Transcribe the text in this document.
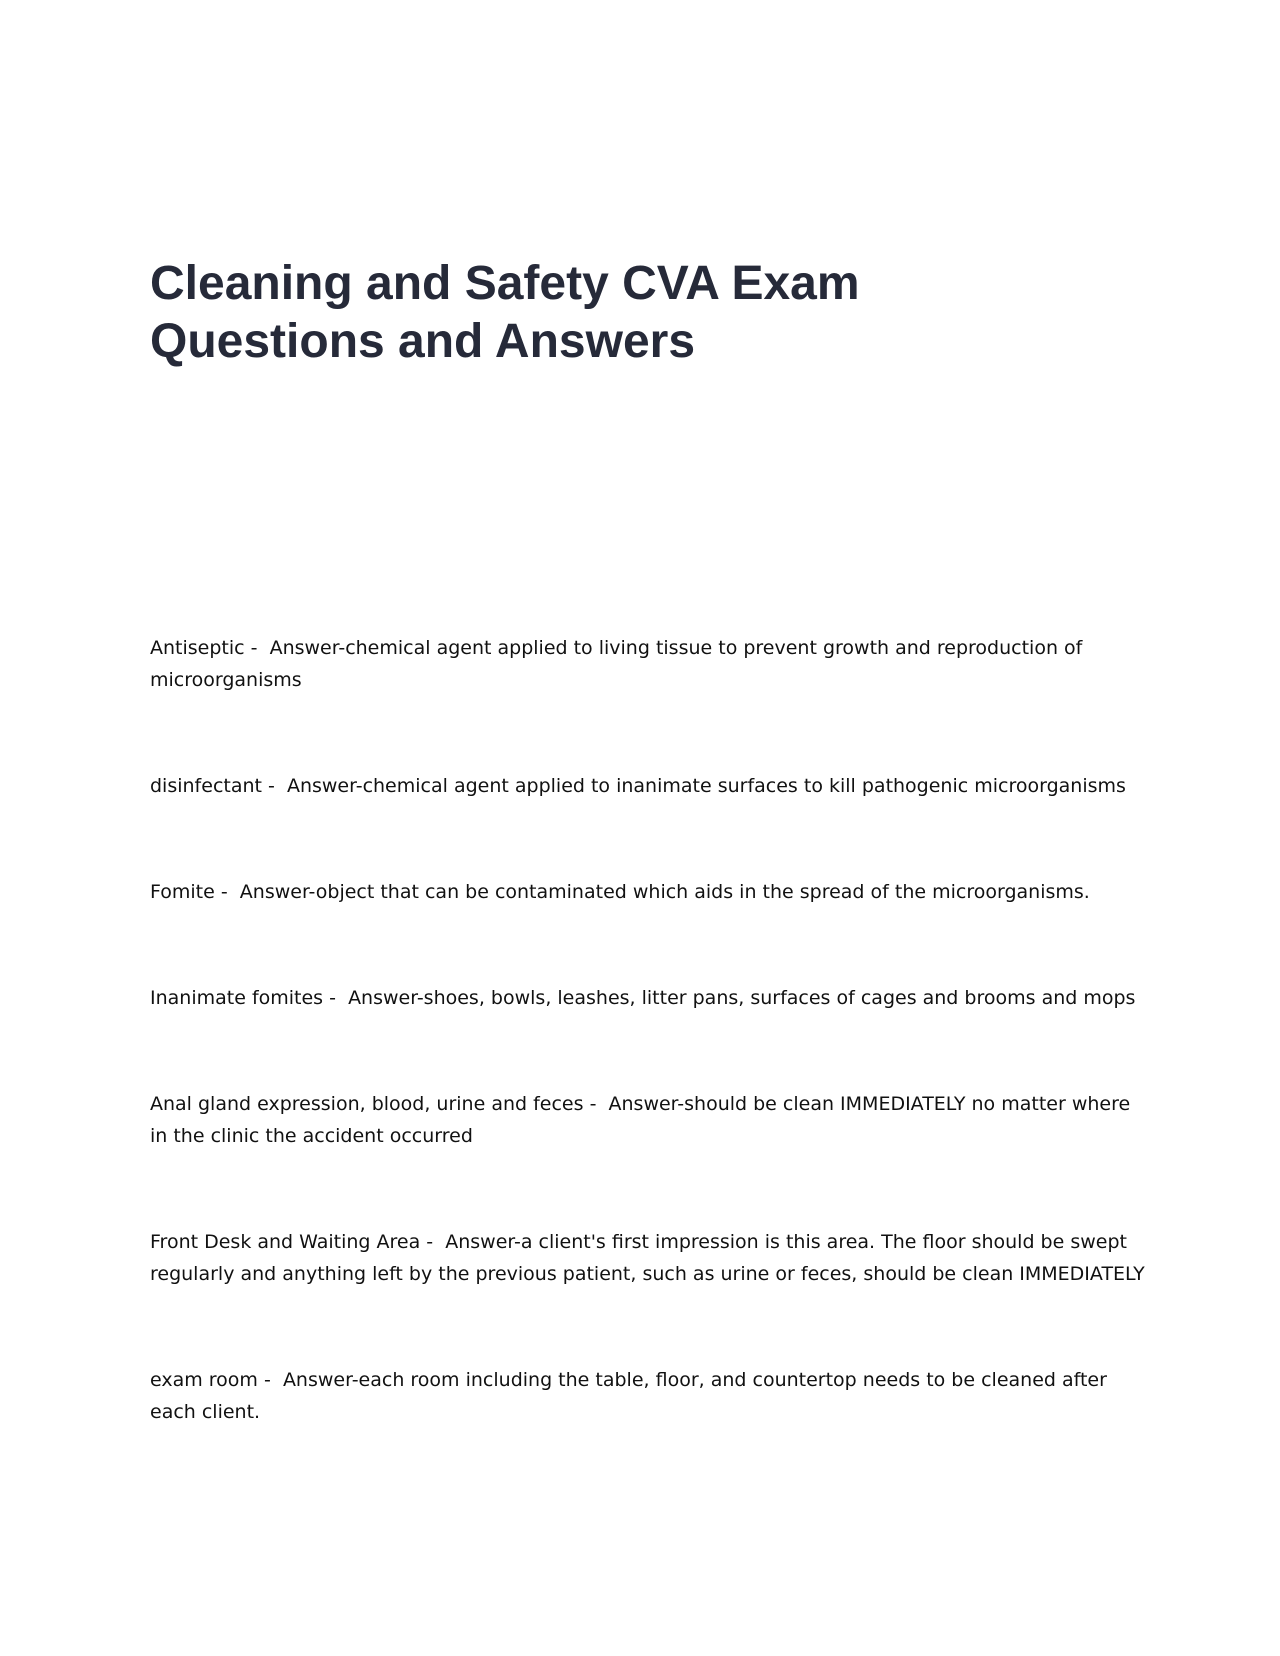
Cleaning and Safety CVA Exam Questions and Answers
Antiseptic -  Answer-chemical agent applied to living tissue to prevent growth and reproduction of microorganisms
disinfectant -  Answer-chemical agent applied to inanimate surfaces to kill pathogenic microorganisms
Fomite -  Answer-object that can be contaminated which aids in the spread of the microorganisms.
Inanimate fomites -  Answer-shoes, bowls, leashes, litter pans, surfaces of cages and brooms and mops
Anal gland expression, blood, urine and feces -  Answer-should be clean IMMEDIATELY no matter where in the clinic the accident occurred
Front Desk and Waiting Area -  Answer-a client's first impression is this area. The floor should be swept regularly and anything left by the previous patient, such as urine or feces, should be clean IMMEDIATELY
exam room -  Answer-each room including the table, floor, and countertop needs to be cleaned after each client.
